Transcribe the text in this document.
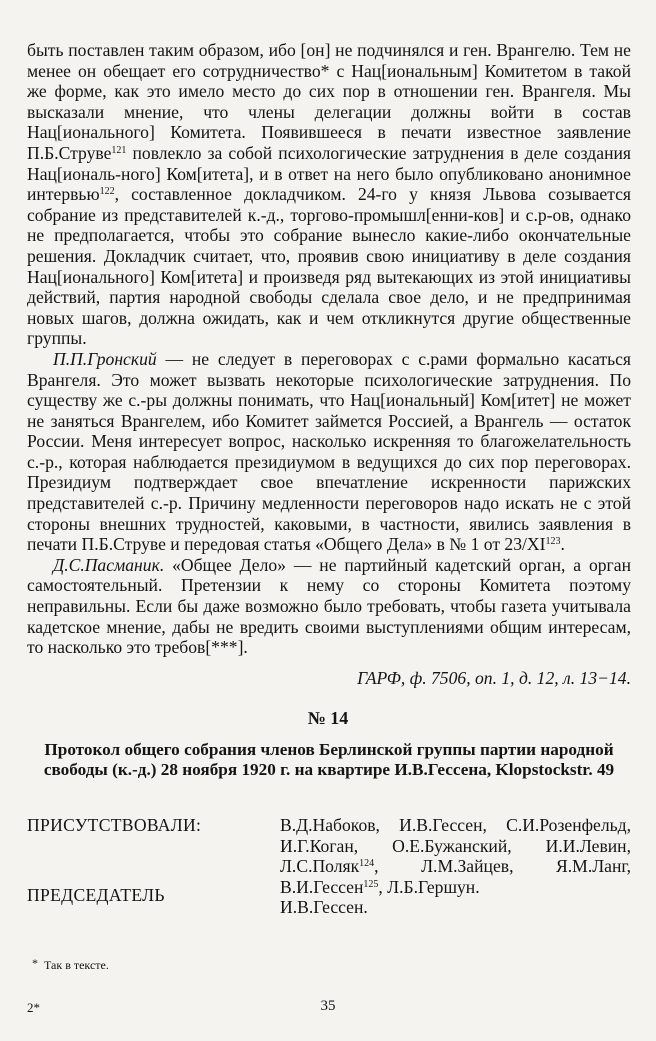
быть поставлен таким образом, ибо [он] не подчинялся и ген. Врангелю. Тем не менее он обещает его сотрудничество* с Нац[иональным] Комитетом в такой же форме, как это имело место до сих пор в отношении ген. Врангеля. Мы высказали мнение, что члены делегации должны войти в состав Нац[ионального] Комитета. Появившееся в печати известное заявление П.Б.Струве$^{121}$ повлекло за собой психологические затруднения в деле создания Нац[иональ-ного] Ком[итета], и в ответ на него было опубликовано анонимное интервью$^{122}$, составленное докладчиком. 24-го у князя Львова созывается собрание из представителей к.-д., торгово-промышл[енни-ков] и с.р-ов, однако не предполагается, чтобы это собрание вынесло какие-либо окончательные решения. Докладчик считает, что, проявив свою инициативу в деле создания Нац[ионального] Ком[итета] и произведя ряд вытекающих из этой инициативы действий, партия народной свободы сделала свое дело, и не предпринимая новых шагов, должна ожидать, как и чем откликнутся другие общественные группы.

П.П.Гронский — не следует в переговорах с с.рами формально касаться Врангеля. Это может вызвать некоторые психологические затруднения. По существу же с.-ры должны понимать, что Нац[иональный] Ком[итет] не может не заняться Врангелем, ибо Комитет займется Россией, а Врангель — остаток России. Меня интересует вопрос, насколько искренняя то благожелательность с.-р., которая наблюдается президиумом в ведущихся до сих пор переговорах. Президиум подтверждает свое впечатление искренности парижских представителей с.-р. Причину медленности переговоров надо искать не с этой стороны внешних трудностей, каковыми, в частности, явились заявления в печати П.Б.Струве и передовая статья «Общего Дела» в № 1 от 23/XI$^{123}$.

Д.С.Пасманик. «Общее Дело» — не партийный кадетский орган, а орган самостоятельный. Претензии к нему со стороны Комитета поэтому неправильны. Если бы даже возможно было требовать, чтобы газета учитывала кадетское мнение, дабы не вредить своими выступлениями общим интересам, то насколько это требов[***].

ГАРФ, ф. 7506, оп. 1, д. 12, л. 13−14.
№ 14
Протокол общего собрания членов Берлинской группы партии народной свободы (к.-д.) 28 ноября 1920 г. на квартире И.В.Гессена, Klopstockstr. 49
ПРИСУТСТВОВАЛИ:	В.Д.Набоков, И.В.Гессен, С.И.Розенфельд, И.Г.Коган, О.Е.Бужанский, И.И.Левин, Л.С.Поляк$^{124}$, Л.М.Зайцев, Я.М.Ланг, В.И.Гессен$^{125}$, Л.Б.Гершун.
И.В.Гессен.
ПРЕДСЕДАТЕЛЬ
* Так в тексте.
2*	35
